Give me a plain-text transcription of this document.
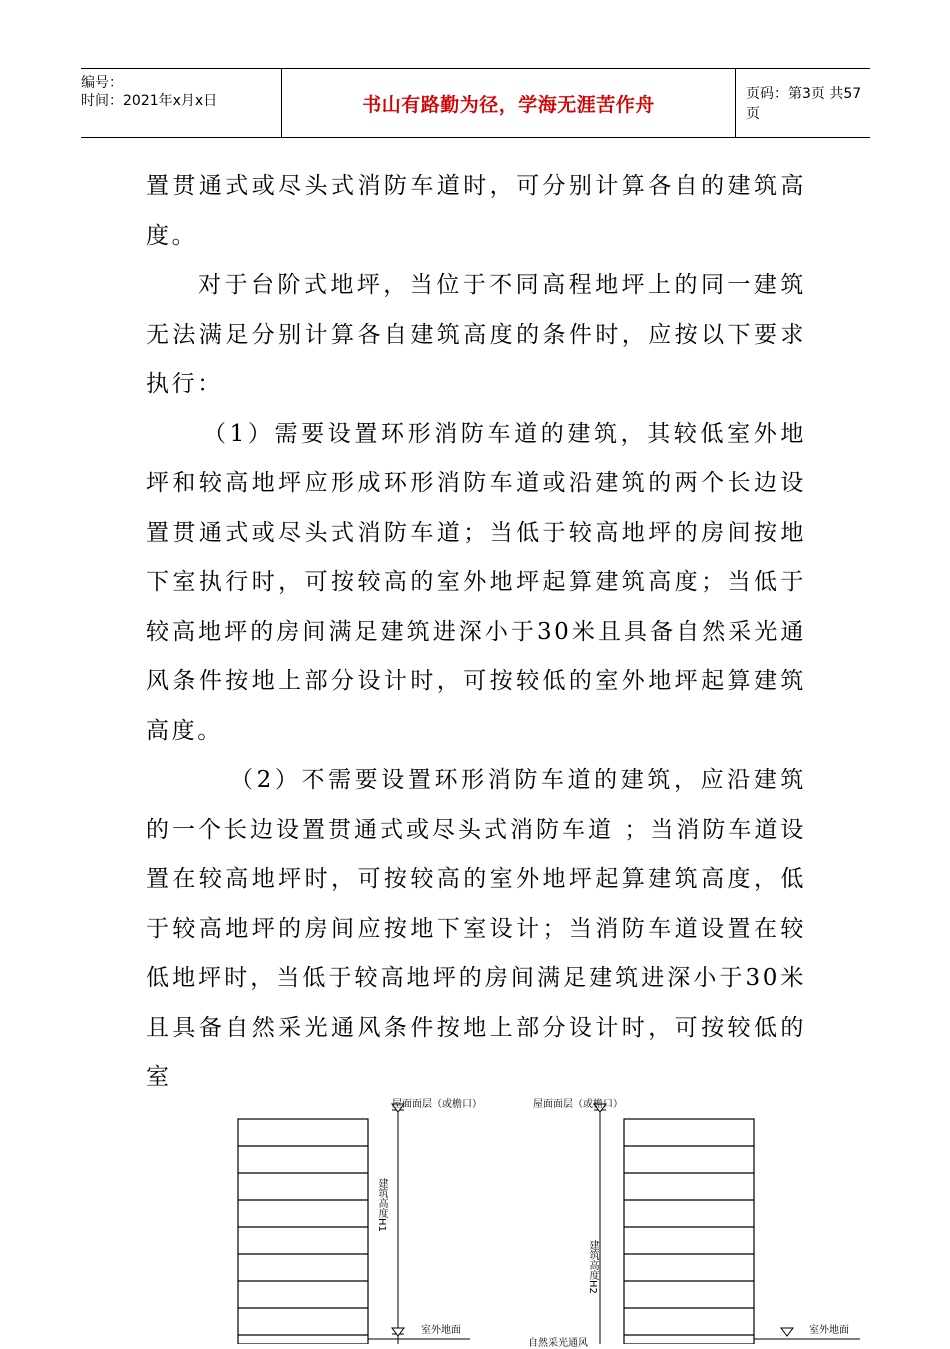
编号：
时间：2021年x月x日	书山有路勤为径，学海无涯苦作舟	页码：第3页 共57页

置贯通式或尽头式消防车道时，可分别计算各自的建筑高度。

对于台阶式地坪，当位于不同高程地坪上的同一建筑无法满足分别计算各自建筑高度的条件时，应按以下要求执行：

（1）需要设置环形消防车道的建筑，其较低室外地坪和较高地坪应形成环形消防车道或沿建筑的两个长边设置贯通式或尽头式消防车道；当低于较高地坪的房间按地下室执行时，可按较高的室外地坪起算建筑高度；当低于较高地坪的房间满足建筑进深小于30米且具备自然采光通风条件按地上部分设计时，可按较低的室外地坪起算建筑高度。

（2）不需要设置环形消防车道的建筑，应沿建筑的一个长边设置贯通式或尽头式消防车道 ；当消防车道设置在较高地坪时，可按较高的室外地坪起算建筑高度，低于较高地坪的房间应按地下室设计；当消防车道设置在较低地坪时，当低于较高地坪的房间满足建筑进深小于30米且具备自然采光通风条件按地上部分设计时，可按较低的室

屋面面层（或檐口）	屋面面层（或檐口）
建筑高度H1
建筑高度H2
室外地面	室外地面
自然采光通风
